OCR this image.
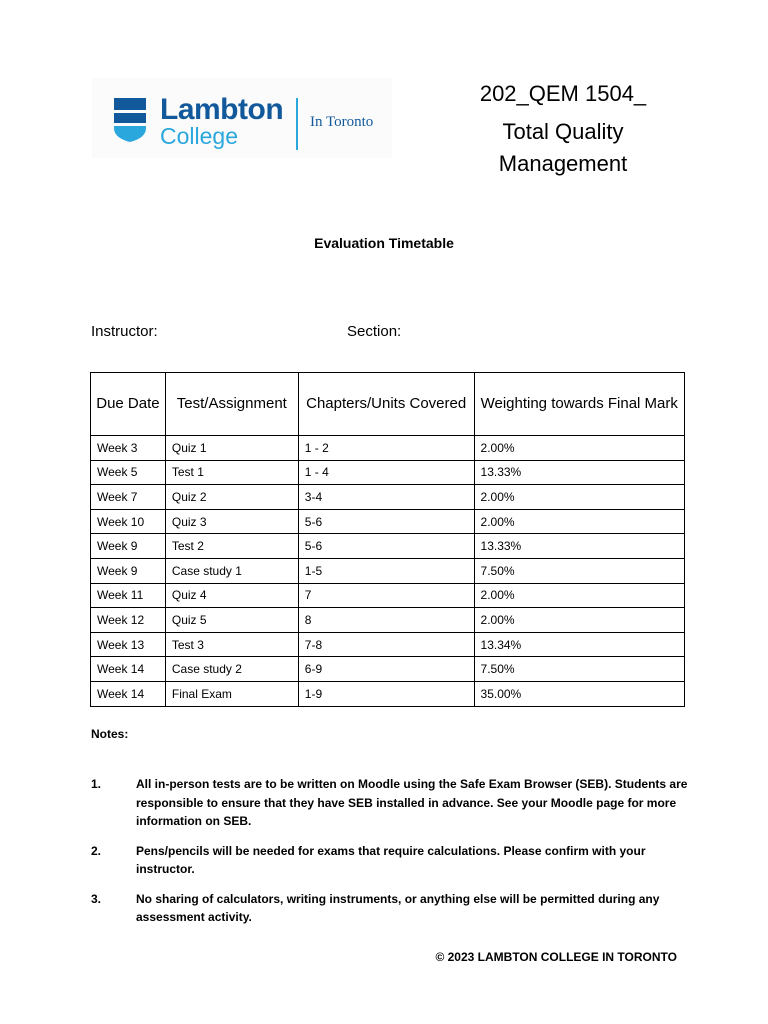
Lambton
College
In Toronto
202_QEM 1504_
Total Quality Management
Evaluation Timetable
Instructor:	Section:
Due Date	Test/Assignment	Chapters/Units Covered	Weighting towards Final Mark
Week 3	Quiz 1	1 - 2	2.00%
Week 5	Test 1	1 - 4	13.33%
Week 7	Quiz 2	3-4	2.00%
Week 10	Quiz 3	5-6	2.00%
Week 9	Test 2	5-6	13.33%
Week 9	Case study 1	1-5	7.50%
Week 11	Quiz 4	7	2.00%
Week 12	Quiz 5	8	2.00%
Week 13	Test 3	7-8	13.34%
Week 14	Case study 2	6-9	7.50%
Week 14	Final Exam	1-9	35.00%
Notes:
1.	All in-person tests are to be written on Moodle using the Safe Exam Browser (SEB). Students are responsible to ensure that they have SEB installed in advance. See your Moodle page for more information on SEB.
2.	Pens/pencils will be needed for exams that require calculations. Please confirm with your instructor.
3.	No sharing of calculators, writing instruments, or anything else will be permitted during any assessment activity.
© 2023 LAMBTON COLLEGE IN TORONTO
